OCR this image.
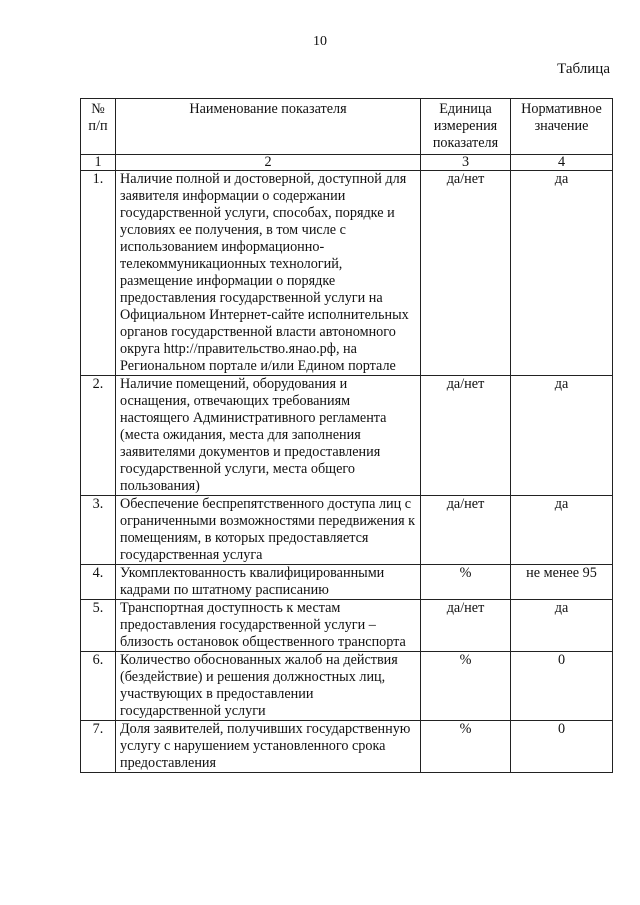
10
Таблица
№ п/п	Наименование показателя	Единица измерения показателя	Нормативное значение
1	2	3	4
1.	Наличие полной и достоверной, доступной для заявителя информации о содержании государственной услуги, способах, порядке и условиях ее получения, в том числе с использованием информационно-телекоммуникационных технологий, размещение информации о порядке предоставления государственной услуги на Официальном Интернет-сайте исполнительных органов государственной власти автономного округа http://правительство.янао.рф, на Региональном портале и/или Едином портале	да/нет	да
2.	Наличие помещений, оборудования и оснащения, отвечающих требованиям настоящего Административного регламента (места ожидания, места для заполнения заявителями документов и предоставления государственной услуги, места общего пользования)	да/нет	да
3.	Обеспечение беспрепятственного доступа лиц с ограниченными возможностями передвижения к помещениям, в которых предоставляется государственная услуга	да/нет	да
4.	Укомплектованность квалифицированными кадрами по штатному расписанию	%	не менее 95
5.	Транспортная доступность к местам предоставления государственной услуги – близость остановок общественного транспорта	да/нет	да
6.	Количество обоснованных жалоб на действия (бездействие) и решения должностных лиц, участвующих в предоставлении государственной услуги	%	0
7.	Доля заявителей, получивших государственную услугу с нарушением установленного срока предоставления	%	0
